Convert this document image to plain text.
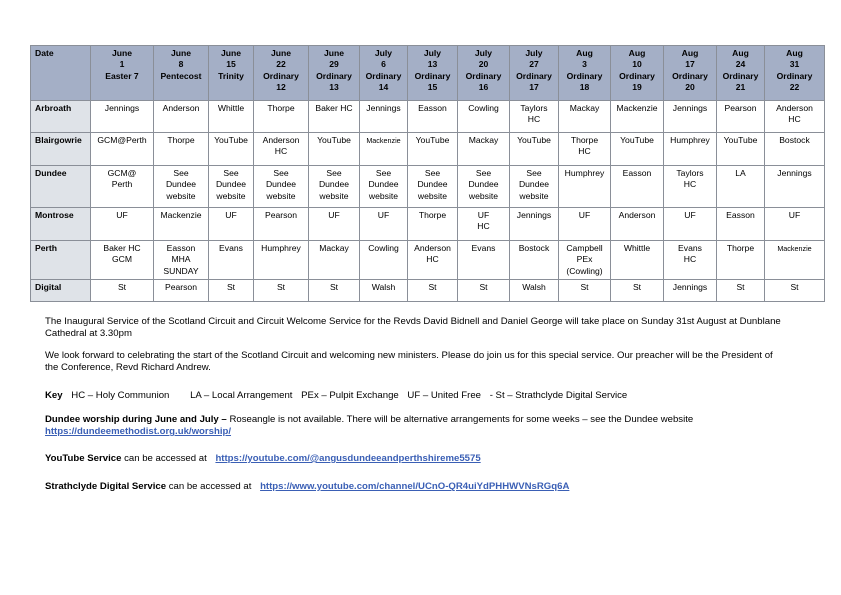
Date	June
1
Easter 7	June
8
Pentecost	June
15
Trinity	June
22
Ordinary
12	June
29
Ordinary
13	July
6
Ordinary
14	July
13
Ordinary
15	July
20
Ordinary
16	July
27
Ordinary
17	Aug
3
Ordinary
18	Aug
10
Ordinary
19	Aug
17
Ordinary
20	Aug
24
Ordinary
21	Aug
31
Ordinary
22

Arbroath	Jennings	Anderson	Whittle	Thorpe	Baker HC	Jennings	Easson	Cowling	Taylors
HC	Mackay	Mackenzie	Jennings	Pearson	Anderson
HC

Blairgowrie	GCM@Perth	Thorpe	YouTube	Anderson
HC	YouTube	Mackenzie	YouTube	Mackay	YouTube	Thorpe
HC	YouTube	Humphrey	YouTube	Bostock

Dundee	GCM@
Perth	See
Dundee
website	See
Dundee
website	See
Dundee
website	See
Dundee
website	See
Dundee
website	See
Dundee
website	See
Dundee
website	See
Dundee
website	Humphrey	Easson	Taylors
HC	LA	Jennings

Montrose	UF	Mackenzie	UF	Pearson	UF	UF	Thorpe	UF
HC	Jennings	UF	Anderson	UF	Easson	UF

Perth	Baker HC
GCM	Easson
MHA
SUNDAY	Evans	Humphrey	Mackay	Cowling	Anderson
HC	Evans	Bostock	Campbell
PEx
(Cowling)	Whittle	Evans
HC	Thorpe	Mackenzie

Digital	St	Pearson	St	St	St	Walsh	St	St	Walsh	St	St	Jennings	St	St

The Inaugural Service of the Scotland Circuit and Circuit Welcome Service for the Revds David Bidnell and Daniel George will take place on Sunday 31st August at Dunblane Cathedral at 3.30pm

We look forward to celebrating the start of the Scotland Circuit and welcoming new ministers. Please do join us for this special service. Our preacher will be the President of the Conference, Revd Richard Andrew.

Key HC – Holy Communion LA – Local Arrangement PEx – Pulpit Exchange UF – United Free - St – Strathclyde Digital Service

Dundee worship during June and July – Roseangle is not available. There will be alternative arrangements for some weeks – see the Dundee website
https://dundeemethodist.org.uk/worship/

YouTube Service can be accessed at https://youtube.com/@angusdundeeandperthshireme5575

Strathclyde Digital Service can be accessed at https://www.youtube.com/channel/UCnO-QR4uiYdPHHWVNsRGq6A
